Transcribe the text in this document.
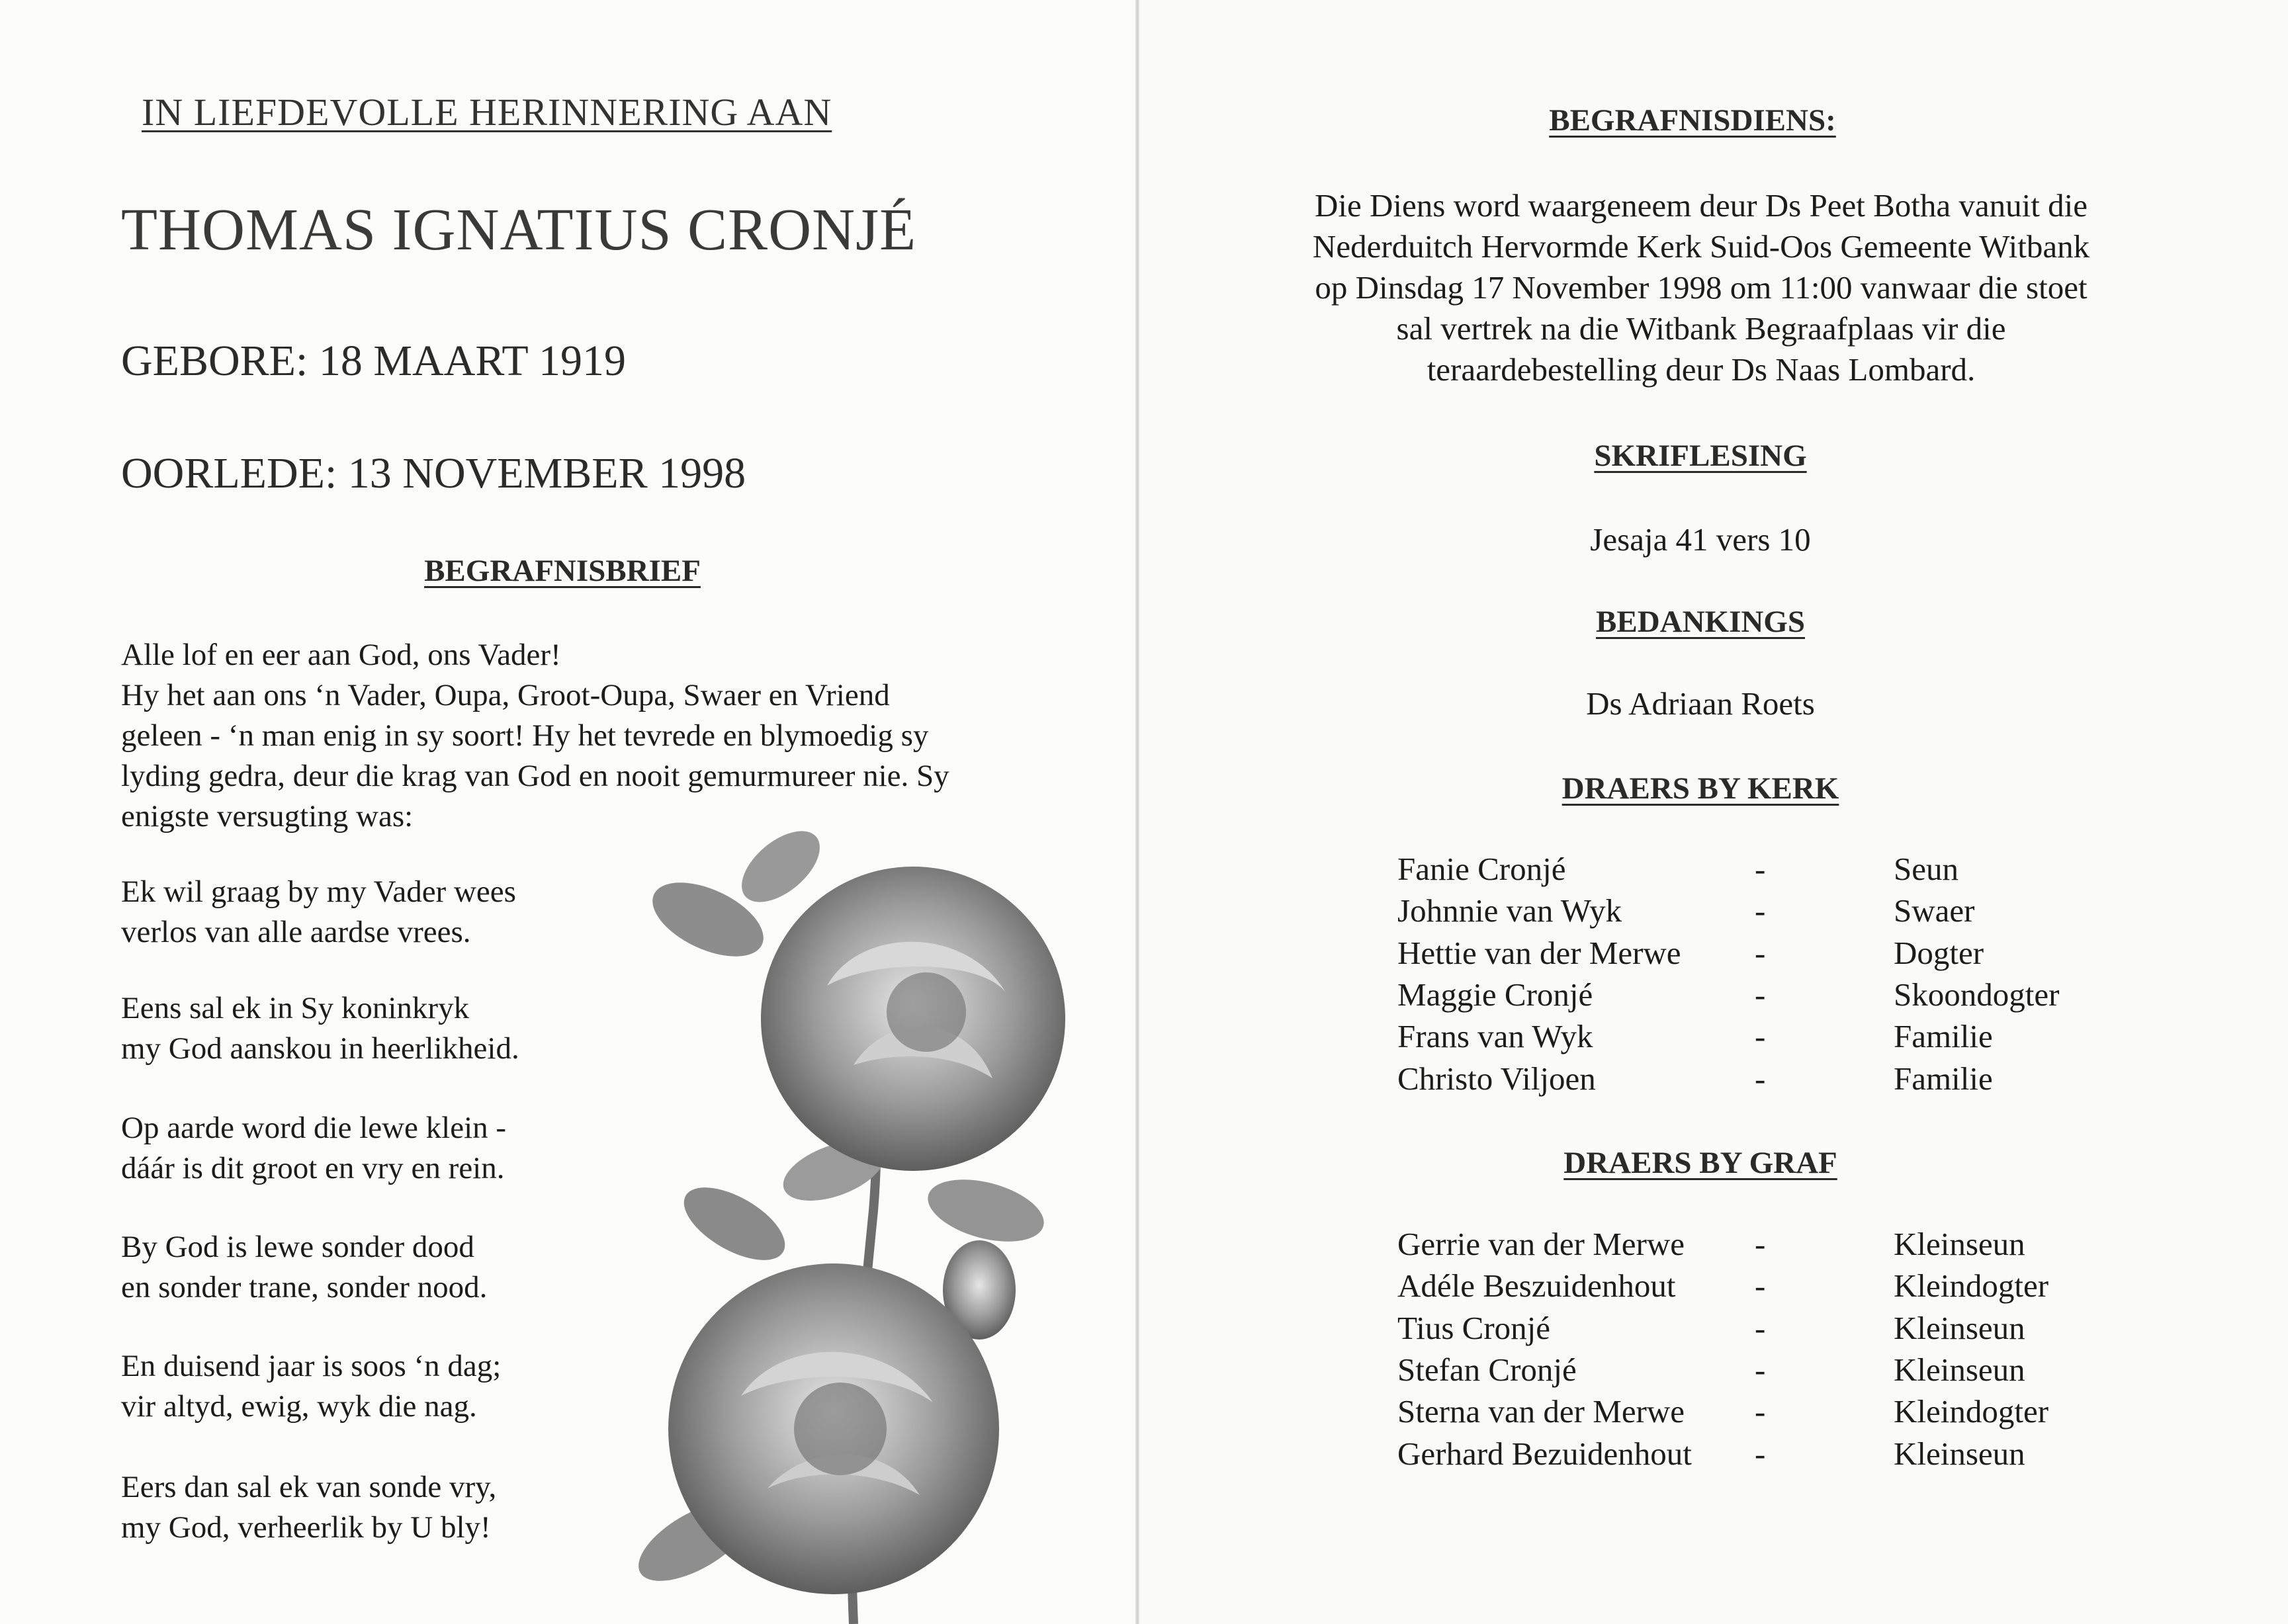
IN LIEFDEVOLLE HERINNERING AAN
THOMAS IGNATIUS CRONJÉ
GEBORE: 18 MAART 1919
OORLEDE: 13 NOVEMBER 1998
BEGRAFNISBRIEF
Alle lof en eer aan God, ons Vader!
Hy het aan ons ‘n Vader, Oupa, Groot-Oupa, Swaer en Vriend
geleen - ‘n man enig in sy soort! Hy het tevrede en blymoedig sy
lyding gedra, deur die krag van God en nooit gemurmureer nie. Sy
enigste versugting was:
Ek wil graag by my Vader wees
verlos van alle aardse vrees.
Eens sal ek in Sy koninkryk
my God aanskou in heerlikheid.
Op aarde word die lewe klein -
dáár is dit groot en vry en rein.
By God is lewe sonder dood
en sonder trane, sonder nood.
En duisend jaar is soos ‘n dag;
vir altyd, ewig, wyk die nag.
Eers dan sal ek van sonde vry,
my God, verheerlik by U bly!
BEGRAFNISDIENS:
Die Diens word waargeneem deur Ds Peet Botha vanuit die
Nederduitch Hervormde Kerk Suid-Oos Gemeente Witbank
op Dinsdag 17 November 1998 om 11:00 vanwaar die stoet
sal vertrek na die Witbank Begraafplaas vir die
teraardebestelling deur Ds Naas Lombard.
SKRIFLESING
Jesaja 41 vers 10
BEDANKINGS
Ds Adriaan Roets
DRAERS BY KERK
Fanie Cronjé	-	Seun
Johnnie van Wyk	-	Swaer
Hettie van der Merwe -	Dogter
Maggie Cronjé	-	Skoondogter
Frans van Wyk	-	Familie
Christo Viljoen	-	Familie
DRAERS BY GRAF
Gerrie van der Merwe -	Kleinseun
Adéle Beszuidenhout -	Kleindogter
Tius Cronjé	-	Kleinseun
Stefan Cronjé	-	Kleinseun
Sterna van der Merwe -	Kleindogter
Gerhard Bezuidenhout -	Kleinseun
